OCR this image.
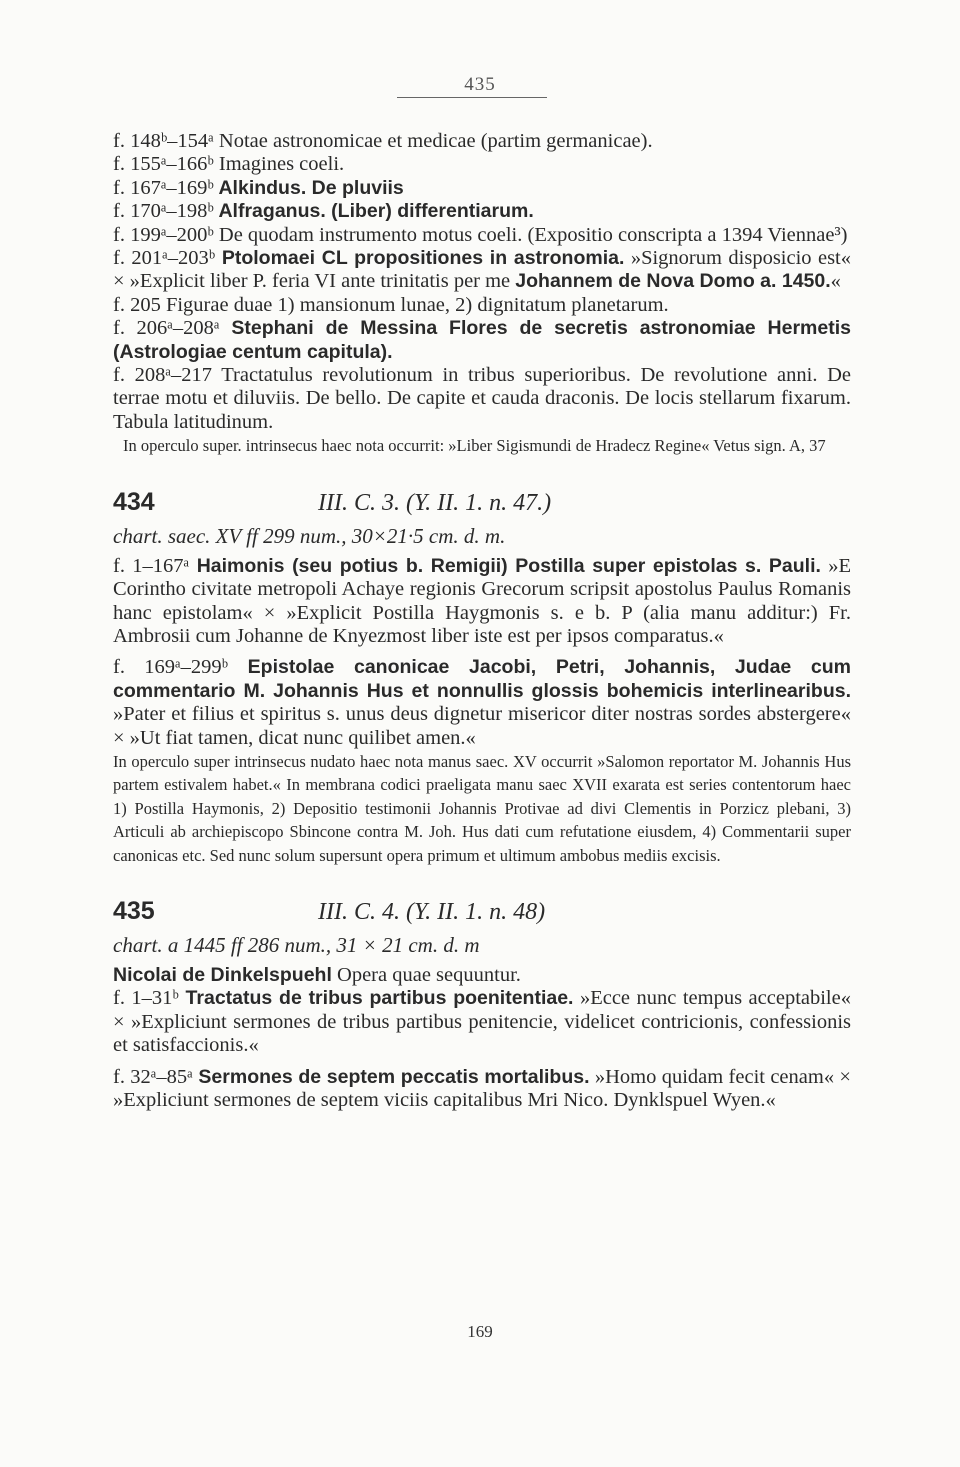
435

f. 148ᵇ–154ᵃ Notae astronomicae et medicae (partim germanicae).

f. 155ᵃ–166ᵇ Imagines coeli.

f. 167ᵃ–169ᵇ Alkindus. De pluviis

f. 170ᵃ–198ᵇ Alfraganus. (Liber) differentiarum.

f. 199ᵃ–200ᵇ De quodam instrumento motus coeli. (Expositio conscripta a 1394 Viennae³)

f. 201ᵃ–203ᵇ Ptolomaei CL propositiones in astronomia. »Signorum disposicio est« × »Explicit liber P. feria VI ante trinitatis per me Johannem de Nova Domo a. 1450.«

f. 205 Figurae duae 1) mansionum lunae, 2) dignitatum planetarum.

f. 206ᵃ–208ᵃ Stephani de Messina Flores de secretis astronomiae Hermetis (Astrologiae centum capitula).

f. 208ᵃ–217 Tractatulus revolutionum in tribus superioribus. De revolutione anni. De terrae motu et diluviis. De bello. De capite et cauda draconis. De locis stellarum fixarum. Tabula latitudinum.

In operculo super. intrinsecus haec nota occurrit: »Liber Sigismundi de Hradecz Regine« Vetus sign. A, 37

434	III. C. 3. (Y. II. 1. n. 47.)

chart. saec. XV ff 299 num., 30×21·5 cm. d. m.

f. 1–167ᵃ Haimonis (seu potius b. Remigii) Postilla super epistolas s. Pauli. »E Corintho civitate metropoli Achaye regionis Grecorum scripsit apostolus Paulus Romanis hanc epistolam« × »Explicit Postilla Haygmonis s. e b. P (alia manu additur:) Fr. Ambrosii cum Johanne de Knyezmost liber iste est per ipsos comparatus.«

f. 169ᵃ–299ᵇ Epistolae canonicae Jacobi, Petri, Johannis, Judae cum commentario M. Johannis Hus et nonnullis glossis bohemicis interlinearibus. »Pater et filius et spiritus s. unus deus dignetur misericor diter nostras sordes abstergere« × »Ut fiat tamen, dicat nunc quilibet amen.«

In operculo super intrinsecus nudato haec nota manus saec. XV occurrit »Salomon reportator M. Johannis Hus partem estivalem habet.« In membrana codici praeligata manu saec XVII exarata est series contentorum haec 1) Postilla Haymonis, 2) Depositio testimonii Johannis Protivae ad divi Clementis in Porzicz plebani, 3) Articuli ab archiepiscopo Sbincone contra M. Joh. Hus dati cum refutatione eiusdem, 4) Commentarii super canonicas etc. Sed nunc solum supersunt opera primum et ultimum ambobus mediis excisis.

435	III. C. 4. (Y. II. 1. n. 48)

chart. a 1445 ff 286 num., 31 × 21 cm. d. m

Nicolai de Dinkelspuehl Opera quae sequuntur.

f. 1–31ᵇ Tractatus de tribus partibus poenitentiae. »Ecce nunc tempus acceptabile« × »Expliciunt sermones de tribus partibus penitencie, videlicet contricionis, confessionis et satisfaccionis.«

f. 32ᵃ–85ᵃ Sermones de septem peccatis mortalibus. »Homo quidam fecit cenam« × »Expliciunt sermones de septem viciis capitalibus Mri Nico. Dynklspuel Wyen.«

169
